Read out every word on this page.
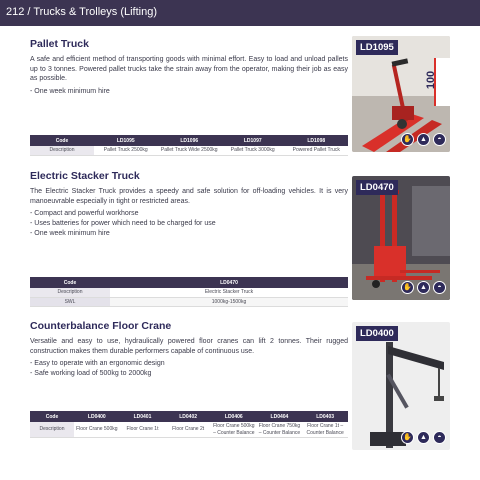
212 / Trucks & Trolleys (Lifting)
Pallet Truck
A safe and efficient method of transporting goods with minimal effort. Easy to load and unload pallets up to 3 tonnes. Powered pallet trucks take the strain away from the operator, making their job as easy as possible.
- One week minimum hire
Code	LD1095	LD1096	LD1097	LD1098
Description	Pallet Truck 2500kg	Pallet Truck Wide 2500kg	Pallet Truck 3000kg	Powered Pallet Truck
LD1095
100
✋	▲	◓
Electric Stacker Truck
The Electric Stacker Truck provides a speedy and safe solution for off-loading vehicles. It is very manoeuvrable especially in tight or restricted areas.
- Compact and powerful workhorse
- Uses batteries for power which need to be charged for use
- One week minimum hire
Code	LD0470
Description	Electric Stacker Truck
SWL	1000kg-1500kg
LD0470
✋	▲	◓
Counterbalance Floor Crane
Versatile and easy to use, hydraulically powered floor cranes can lift 2 tonnes. Their rugged construction makes them durable performers capable of continuous use.
- Easy to operate with an ergonomic design
- Safe working load of 500kg to 2000kg
Code	LD0400	LD0401	LD0402	LD0406	LD0404	LD0403
Description	Floor Crane 500kg	Floor Crane 1t	Floor Crane 2t	Floor Crane 500kg – Counter Balance	Floor Crane 750kg – Counter Balance	Floor Crane 1t – Counter Balance
LD0400
✋	▲	◓
